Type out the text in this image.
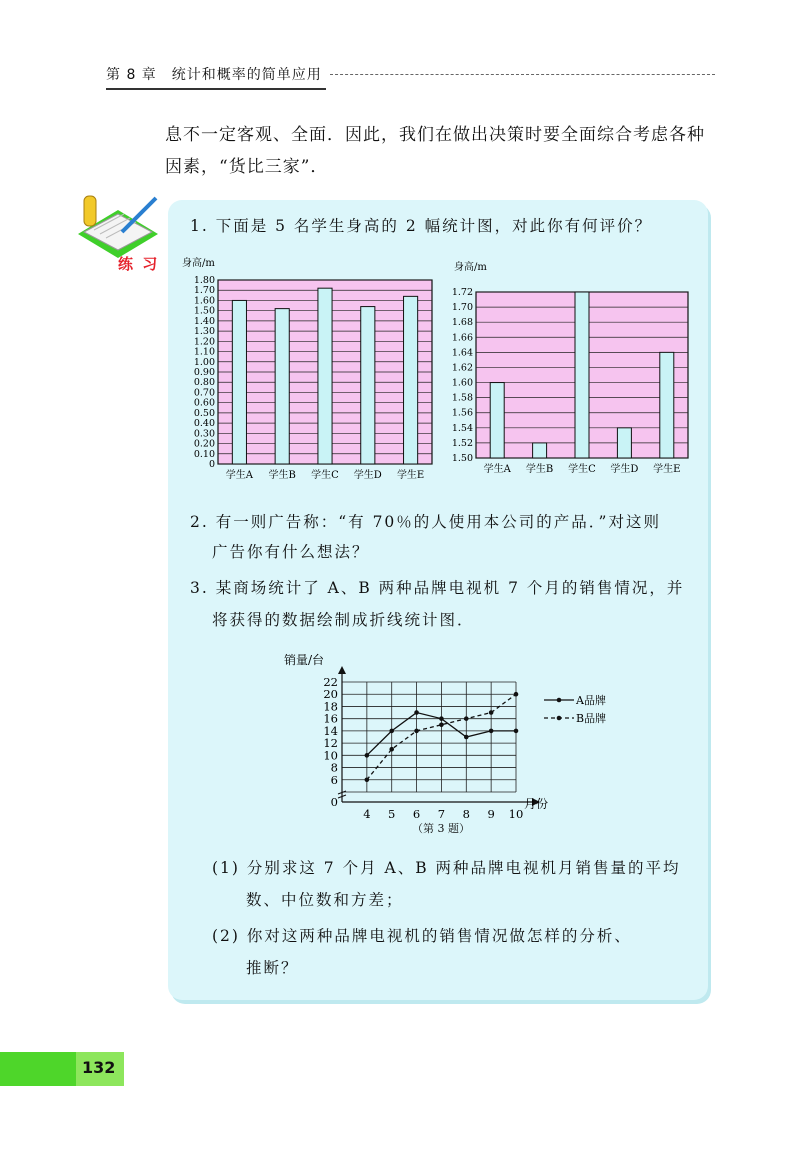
第 8 章　统计和概率的简单应用
息不一定客观、全面．因此，我们在做出决策时要全面综合考虑各种
因素，“货比三家”．
练 习
1. 下面是 5 名学生身高的 2 幅统计图，对此你有何评价？
身高/m
0
0.10
0.20
0.30
0.40
0.50
0.60
0.70
0.80
0.90
1.00
1.10
1.20
1.30
1.40
1.50
1.60
1.70
1.80
学生A 学生B 学生C 学生D 学生E
身高/m
1.50
1.52
1.54
1.56
1.58
1.60
1.62
1.64
1.66
1.68
1.70
1.72
学生A 学生B 学生C 学生D 学生E
2. 有一则广告称：“有 70％的人使用本公司的产品．”对这则
广告你有什么想法？
3. 某商场统计了 A、B 两种品牌电视机 7 个月的销售情况，并
将获得的数据绘制成折线统计图．
销量/台
0
6
8
10
12
14
16
18
20
22
4 5 6 7 8 9 10
A品牌
B品牌
月份
（第 3 题）
(1) 分别求这 7 个月 A、B 两种品牌电视机月销售量的平均
数、中位数和方差；
(2) 你对这两种品牌电视机的销售情况做怎样的分析、
推断？
132
